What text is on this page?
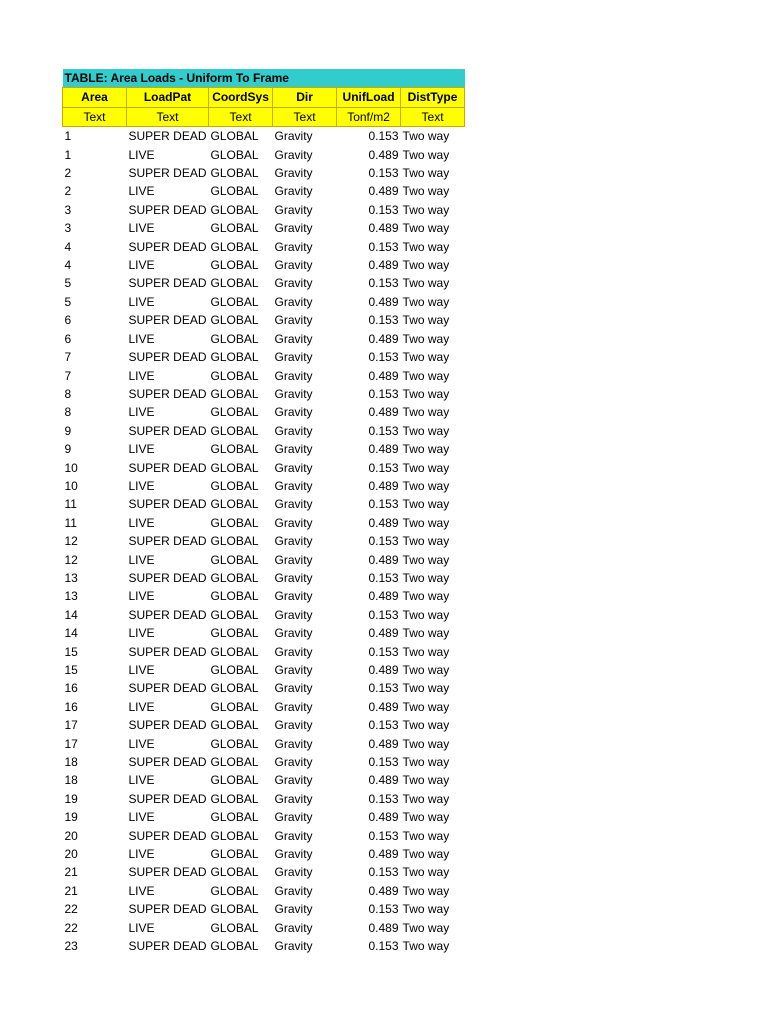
TABLE: Area Loads - Uniform To Frame					
Area	LoadPat	CoordSys	Dir	UnifLoad	DistType
Text	Text	Text	Text	Tonf/m2	Text
1	SUPER DEAD	GLOBAL	Gravity	0.153	Two way
1	LIVE	GLOBAL	Gravity	0.489	Two way
2	SUPER DEAD	GLOBAL	Gravity	0.153	Two way
2	LIVE	GLOBAL	Gravity	0.489	Two way
3	SUPER DEAD	GLOBAL	Gravity	0.153	Two way
3	LIVE	GLOBAL	Gravity	0.489	Two way
4	SUPER DEAD	GLOBAL	Gravity	0.153	Two way
4	LIVE	GLOBAL	Gravity	0.489	Two way
5	SUPER DEAD	GLOBAL	Gravity	0.153	Two way
5	LIVE	GLOBAL	Gravity	0.489	Two way
6	SUPER DEAD	GLOBAL	Gravity	0.153	Two way
6	LIVE	GLOBAL	Gravity	0.489	Two way
7	SUPER DEAD	GLOBAL	Gravity	0.153	Two way
7	LIVE	GLOBAL	Gravity	0.489	Two way
8	SUPER DEAD	GLOBAL	Gravity	0.153	Two way
8	LIVE	GLOBAL	Gravity	0.489	Two way
9	SUPER DEAD	GLOBAL	Gravity	0.153	Two way
9	LIVE	GLOBAL	Gravity	0.489	Two way
10	SUPER DEAD	GLOBAL	Gravity	0.153	Two way
10	LIVE	GLOBAL	Gravity	0.489	Two way
11	SUPER DEAD	GLOBAL	Gravity	0.153	Two way
11	LIVE	GLOBAL	Gravity	0.489	Two way
12	SUPER DEAD	GLOBAL	Gravity	0.153	Two way
12	LIVE	GLOBAL	Gravity	0.489	Two way
13	SUPER DEAD	GLOBAL	Gravity	0.153	Two way
13	LIVE	GLOBAL	Gravity	0.489	Two way
14	SUPER DEAD	GLOBAL	Gravity	0.153	Two way
14	LIVE	GLOBAL	Gravity	0.489	Two way
15	SUPER DEAD	GLOBAL	Gravity	0.153	Two way
15	LIVE	GLOBAL	Gravity	0.489	Two way
16	SUPER DEAD	GLOBAL	Gravity	0.153	Two way
16	LIVE	GLOBAL	Gravity	0.489	Two way
17	SUPER DEAD	GLOBAL	Gravity	0.153	Two way
17	LIVE	GLOBAL	Gravity	0.489	Two way
18	SUPER DEAD	GLOBAL	Gravity	0.153	Two way
18	LIVE	GLOBAL	Gravity	0.489	Two way
19	SUPER DEAD	GLOBAL	Gravity	0.153	Two way
19	LIVE	GLOBAL	Gravity	0.489	Two way
20	SUPER DEAD	GLOBAL	Gravity	0.153	Two way
20	LIVE	GLOBAL	Gravity	0.489	Two way
21	SUPER DEAD	GLOBAL	Gravity	0.153	Two way
21	LIVE	GLOBAL	Gravity	0.489	Two way
22	SUPER DEAD	GLOBAL	Gravity	0.153	Two way
22	LIVE	GLOBAL	Gravity	0.489	Two way
23	SUPER DEAD	GLOBAL	Gravity	0.153	Two way
